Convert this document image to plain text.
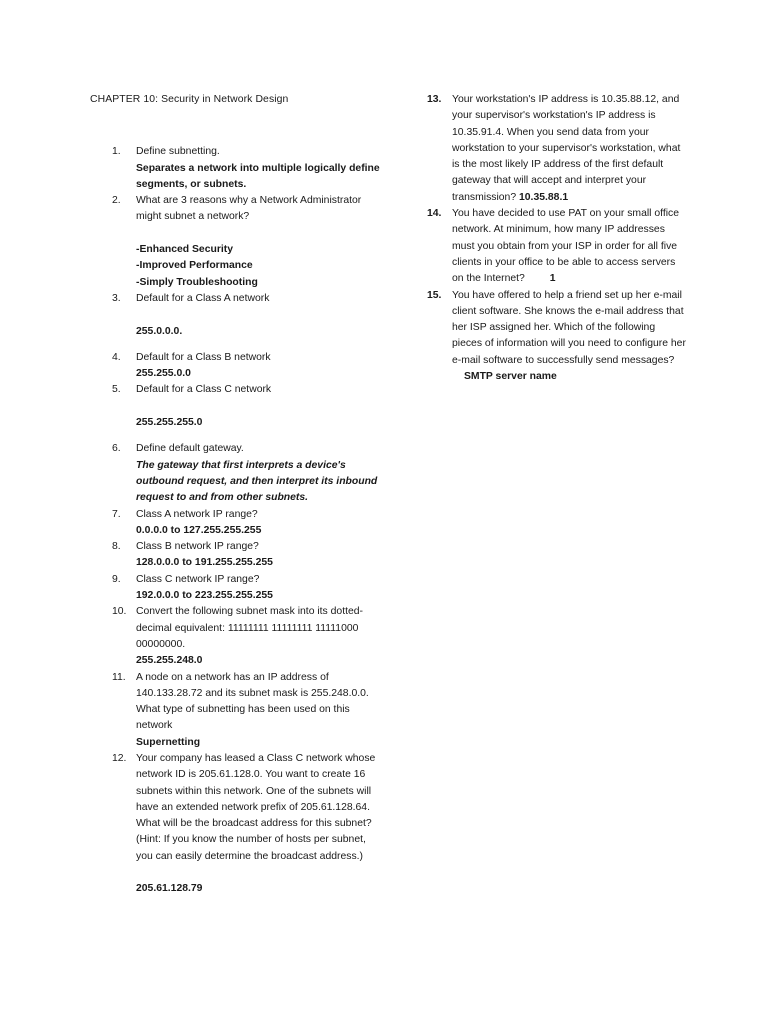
CHAPTER 10: Security in Network Design
1. Define subnetting.
Separates a network into multiple logically define segments, or subnets.
2. What are 3 reasons why a Network Administrator might subnet a network?
-Enhanced Security
-Improved Performance
-Simply Troubleshooting
3. Default for a Class A network
255.0.0.0.
4. Default for a Class B network
255.255.0.0
5. Default for a Class C network
255.255.255.0
6. Define default gateway.
The gateway that first interprets a device's outbound request, and then interpret its inbound request to and from other subnets.
7. Class A network IP range?
0.0.0.0 to 127.255.255.255
8. Class B network IP range?
128.0.0.0 to 191.255.255.255
9. Class C network IP range?
192.0.0.0 to 223.255.255.255
10. Convert the following subnet mask into its dotted-decimal equivalent: 11111111 11111111 11111000 00000000.
255.255.248.0
11. A node on a network has an IP address of 140.133.28.72 and its subnet mask is 255.248.0.0. What type of subnetting has been used on this network
Supernetting
12. Your company has leased a Class C network whose network ID is 205.61.128.0. You want to create 16 subnets within this network. One of the subnets will have an extended network prefix of 205.61.128.64. What will be the broadcast address for this subnet? (Hint: If you know the number of hosts per subnet, you can easily determine the broadcast address.)
205.61.128.79
13. Your workstation's IP address is 10.35.88.12, and your supervisor's workstation's IP address is 10.35.91.4. When you send data from your workstation to your supervisor's workstation, what is the most likely IP address of the first default gateway that will accept and interpret your transmission? 10.35.88.1
14. You have decided to use PAT on your small office network. At minimum, how many IP addresses must you obtain from your ISP in order for all five clients in your office to be able to access servers on the Internet? 1
15. You have offered to help a friend set up her e-mail client software. She knows the e-mail address that her ISP assigned her. Which of the following pieces of information will you need to configure her e-mail software to successfully send messages? SMTP server name
